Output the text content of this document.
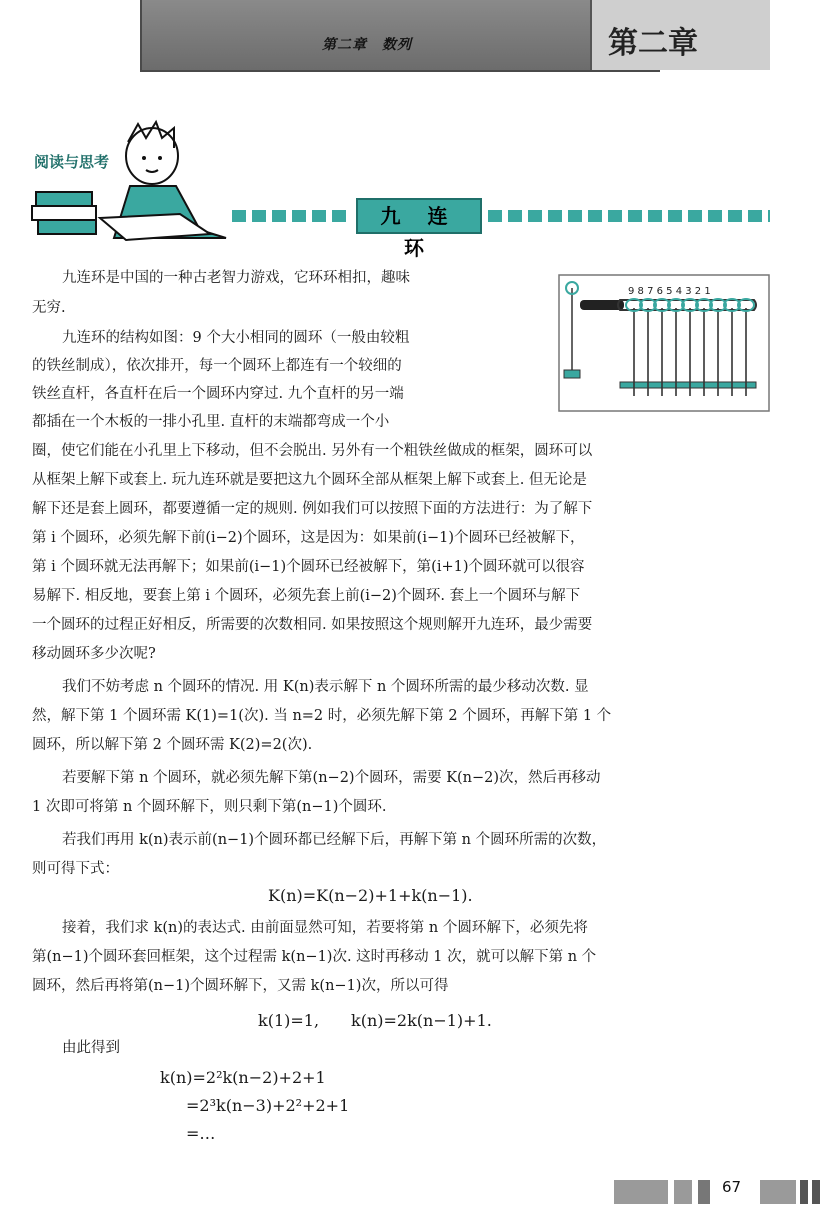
第二章　数列	第二章
阅读与思考
九 连 环
9 8 7 6 5 4 3 2 1
九连环是中国的一种古老智力游戏，它环环相扣，趣味
无穷.
九连环的结构如图：9 个大小相同的圆环（一般由较粗
的铁丝制成），依次排开，每一个圆环上都连有一个较细的
铁丝直杆，各直杆在后一个圆环内穿过. 九个直杆的另一端
都插在一个木板的一排小孔里. 直杆的末端都弯成一个小
圈，使它们能在小孔里上下移动，但不会脱出. 另外有一个粗铁丝做成的框架，圆环可以
从框架上解下或套上. 玩九连环就是要把这九个圆环全部从框架上解下或套上. 但无论是
解下还是套上圆环，都要遵循一定的规则. 例如我们可以按照下面的方法进行：为了解下
第 i 个圆环，必须先解下前(i−2)个圆环，这是因为：如果前(i−1)个圆环已经被解下，
第 i 个圆环就无法再解下；如果前(i−1)个圆环已经被解下，第(i+1)个圆环就可以很容
易解下. 相反地，要套上第 i 个圆环，必须先套上前(i−2)个圆环. 套上一个圆环与解下
一个圆环的过程正好相反，所需要的次数相同. 如果按照这个规则解开九连环，最少需要
移动圆环多少次呢?
我们不妨考虑 n 个圆环的情况. 用 K(n)表示解下 n 个圆环所需的最少移动次数. 显
然，解下第 1 个圆环需 K(1)=1(次). 当 n=2 时，必须先解下第 2 个圆环，再解下第 1 个
圆环，所以解下第 2 个圆环需 K(2)=2(次).
若要解下第 n 个圆环，就必须先解下第(n−2)个圆环，需要 K(n−2)次，然后再移动
1 次即可将第 n 个圆环解下，则只剩下第(n−1)个圆环.
若我们再用 k(n)表示前(n−1)个圆环都已经解下后，再解下第 n 个圆环所需的次数，
则可得下式：
K(n)=K(n−2)+1+k(n−1).
接着，我们求 k(n)的表达式. 由前面显然可知，若要将第 n 个圆环解下，必须先将
第(n−1)个圆环套回框架，这个过程需 k(n−1)次. 这时再移动 1 次，就可以解下第 n 个
圆环，然后再将第(n−1)个圆环解下，又需 k(n−1)次，所以可得
k(1)=1,　　k(n)=2k(n−1)+1.
由此得到
k(n)=2²k(n−2)+2+1
=2³k(n−3)+2²+2+1
=…
67
